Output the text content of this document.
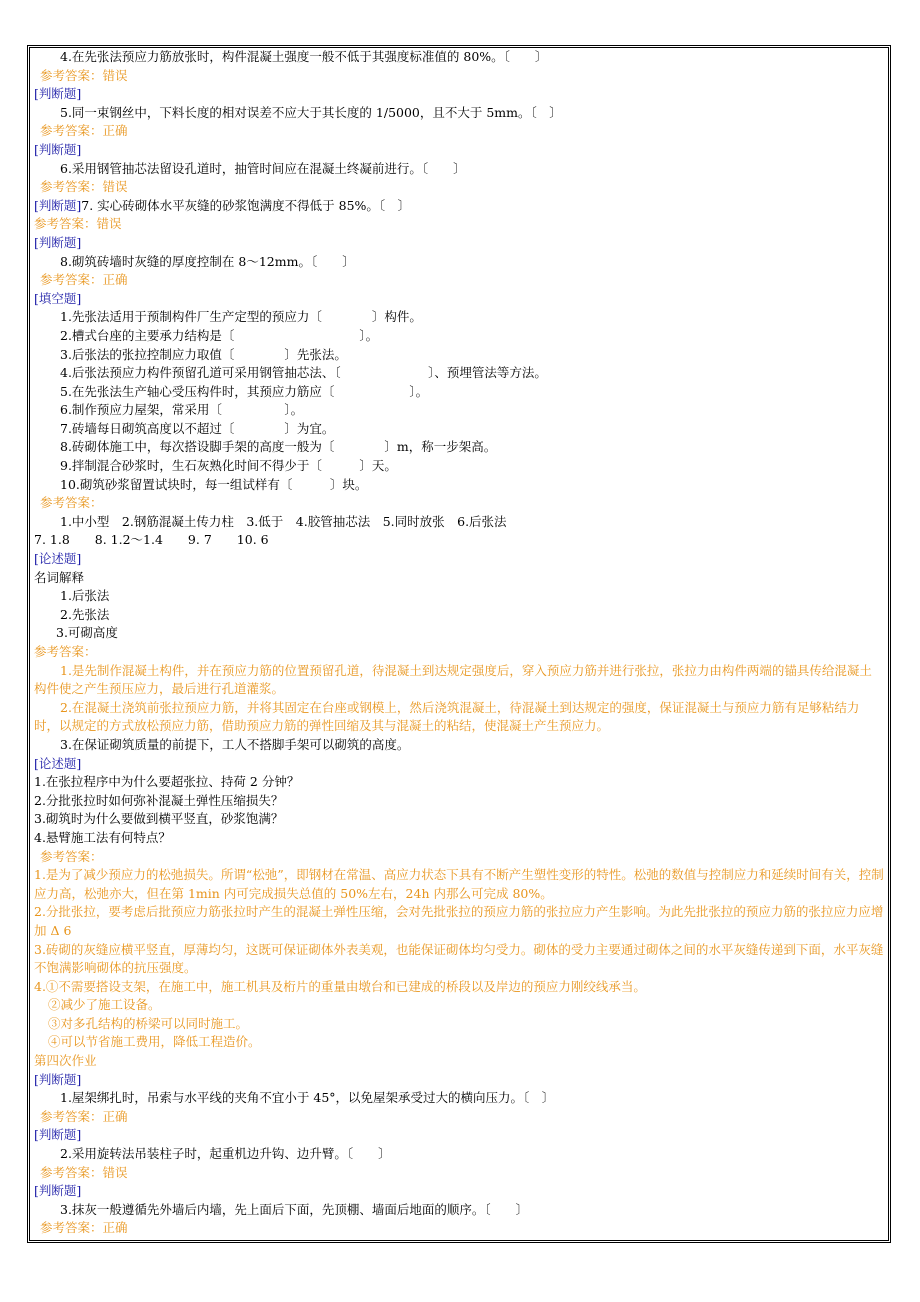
4.在先张法预应力筋放张时，构件混凝土强度一般不低于其强度标准值的 80%。〔　　〕
参考答案：错误
[判断题]
5.同一束钢丝中，下料长度的相对误差不应大于其长度的 1/5000，且不大于 5mm。〔　〕
参考答案：正确
[判断题]
6.采用钢管抽芯法留设孔道时，抽管时间应在混凝土终凝前进行。〔　　〕
参考答案：错误
[判断题]7. 实心砖砌体水平灰缝的砂浆饱满度不得低于 85%。〔　〕
参考答案：错误
[判断题]
8.砌筑砖墙时灰缝的厚度控制在 8～12mm。〔　　〕
参考答案：正确
[填空题]
1.先张法适用于预制构件厂生产定型的预应力〔　　　　〕构件。
2.槽式台座的主要承力结构是〔　　　　　　　　　　〕。
3.后张法的张拉控制应力取值〔　　　　〕先张法。
4.后张法预应力构件预留孔道可采用钢管抽芯法、〔　　　　　　　〕、预埋管法等方法。
5.在先张法生产轴心受压构件时，其预应力筋应〔　　　　　　〕。
6.制作预应力屋架，常采用〔　　　　　〕。
7.砖墙每日砌筑高度以不超过〔　　　　〕为宜。
8.砖砌体施工中，每次搭设脚手架的高度一般为〔　　　　〕m，称一步架高。
9.拌制混合砂浆时，生石灰熟化时间不得少于〔　　　〕天。
10.砌筑砂浆留置试块时，每一组试样有〔　　　〕块。
参考答案：
1.中小型　2.钢筋混凝土传力柱　3.低于　4.胶管抽芯法　5.同时放张　6.后张法
7. 1.8　　8. 1.2～1.4　　9. 7　　10. 6
[论述题]
名词解释
1.后张法
2.先张法
3.可砌高度
参考答案：
1.是先制作混凝土构件，并在预应力筋的位置预留孔道，待混凝土到达规定强度后，穿入预应力筋并进行张拉，张拉力由构件两端的锚具传给混凝土构件使之产生预压应力，最后进行孔道灌浆。
2.在混凝土浇筑前张拉预应力筋，并将其固定在台座或钢模上，然后浇筑混凝土，待混凝土到达规定的强度，保证混凝土与预应力筋有足够粘结力时，以规定的方式放松预应力筋，借助预应力筋的弹性回缩及其与混凝土的粘结，使混凝土产生预应力。
3.在保证砌筑质量的前提下，工人不搭脚手架可以砌筑的高度。
[论述题]
1.在张拉程序中为什么要超张拉、持荷 2 分钟？
2.分批张拉时如何弥补混凝土弹性压缩损失？
3.砌筑时为什么要做到横平竖直，砂浆饱满？
4.悬臂施工法有何特点？
参考答案：
1.是为了减少预应力的松弛损失。所谓“松弛”，即钢材在常温、高应力状态下具有不断产生塑性变形的特性。松弛的数值与控制应力和延续时间有关，控制应力高，松弛亦大，但在第 1min 内可完成损失总值的 50%左右，24h 内那么可完成 80%。
2.分批张拉，要考虑后批预应力筋张拉时产生的混凝土弹性压缩，会对先批张拉的预应力筋的张拉应力产生影响。为此先批张拉的预应力筋的张拉应力应增加 Δ 6
3.砖砌的灰缝应横平竖直，厚薄均匀，这既可保证砌体外表美观，也能保证砌体均匀受力。砌体的受力主要通过砌体之间的水平灰缝传递到下面，水平灰缝不饱满影响砌体的抗压强度。
4.①不需要搭设支架，在施工中，施工机具及桁片的重量由墩台和已建成的桥段以及岸边的预应力刚绞线承当。
②减少了施工设备。
③对多孔结构的桥梁可以同时施工。
④可以节省施工费用，降低工程造价。
第四次作业
[判断题]
1.屋架绑扎时，吊索与水平线的夹角不宜小于 45°，以免屋架承受过大的横向压力。〔　〕
参考答案：正确
[判断题]
2.采用旋转法吊装柱子时，起重机边升钩、边升臂。〔　　〕
参考答案：错误
[判断题]
3.抹灰一般遵循先外墙后内墙，先上面后下面，先顶棚、墙面后地面的顺序。〔　　〕
参考答案：正确
